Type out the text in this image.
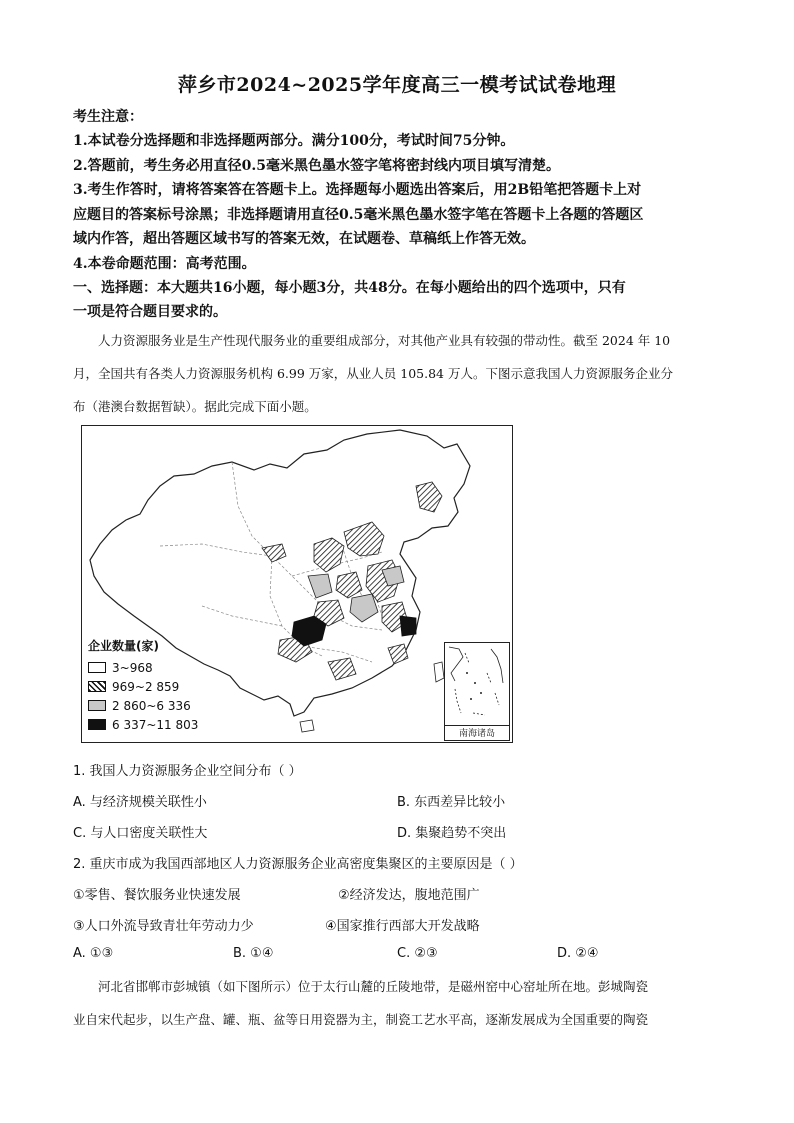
萍乡市2024~2025学年度高三一模考试试卷地理
考生注意：
1.本试卷分选择题和非选择题两部分。满分100分，考试时间75分钟。
2.答题前，考生务必用直径0.5毫米黑色墨水签字笔将密封线内项目填写清楚。
3.考生作答时，请将答案答在答题卡上。选择题每小题选出答案后，用2B铅笔把答题卡上对
应题目的答案标号涂黑；非选择题请用直径0.5毫米黑色墨水签字笔在答题卡上各题的答题区
域内作答，超出答题区域书写的答案无效，在试题卷、草稿纸上作答无效。
4.本卷命题范围：高考范围。
一、选择题：本大题共16小题，每小题3分，共48分。在每小题给出的四个选项中，只有
一项是符合题目要求的。
人力资源服务业是生产性现代服务业的重要组成部分，对其他产业具有较强的带动性。截至 2024 年 10
月，全国共有各类人力资源服务机构 6.99 万家，从业人员 105.84 万人。下图示意我国人力资源服务企业分
布（港澳台数据暂缺）。据此完成下面小题。
企业数量(家)
3~968
969~2 859
2 860~6 336
6 337~11 803
南海诸岛
1. 我国人力资源服务企业空间分布（ ）
A. 与经济规模关联性小	B. 东西差异比较小
C. 与人口密度关联性大	D. 集聚趋势不突出
2. 重庆市成为我国西部地区人力资源服务企业高密度集聚区的主要原因是（ ）
①零售、餐饮服务业快速发展	②经济发达，腹地范围广
③人口外流导致青壮年劳动力少	④国家推行西部大开发战略
A. ①③	B. ①④	C. ②③	D. ②④
河北省邯郸市彭城镇（如下图所示）位于太行山麓的丘陵地带，是磁州窑中心窑址所在地。彭城陶瓷
业自宋代起步，以生产盘、罐、瓶、盆等日用瓷器为主，制瓷工艺水平高，逐渐发展成为全国重要的陶瓷
